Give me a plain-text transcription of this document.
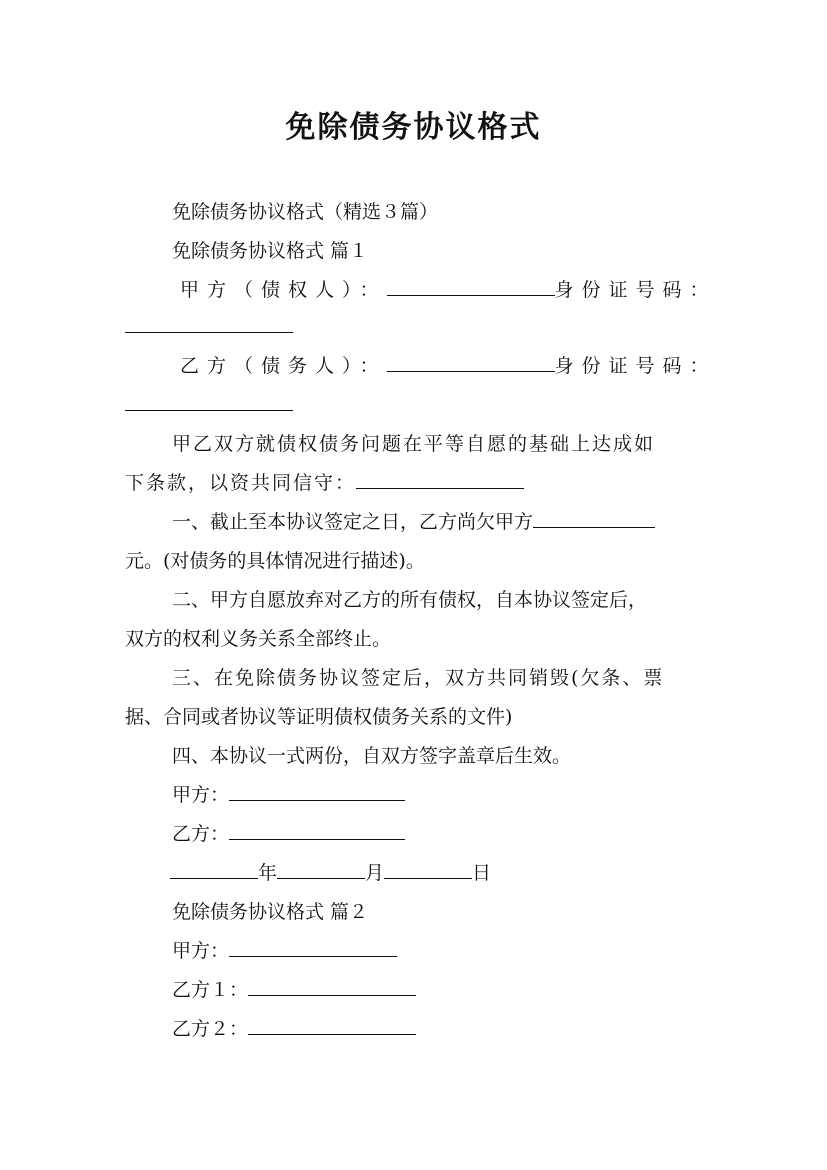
免除债务协议格式
免除债务协议格式（精选３篇）
免除债务协议格式 篇１
甲方（债权人）：	身份证号码：
乙方（债务人）：	身份证号码：
甲乙双方就债权债务问题在平等自愿的基础上达成如
下条款，以资共同信守：
一、截止至本协议签定之日，乙方尚欠甲方
元。(对债务的具体情况进行描述)。
二、甲方自愿放弃对乙方的所有债权，自本协议签定后，
双方的权利义务关系全部终止。
三、在免除债务协议签定后，双方共同销毁(欠条、票
据、合同或者协议等证明债权债务关系的文件)
四、本协议一式两份，自双方签字盖章后生效。
甲方：
乙方：
年	月	日
免除债务协议格式 篇２
甲方：
乙方１：
乙方２：
